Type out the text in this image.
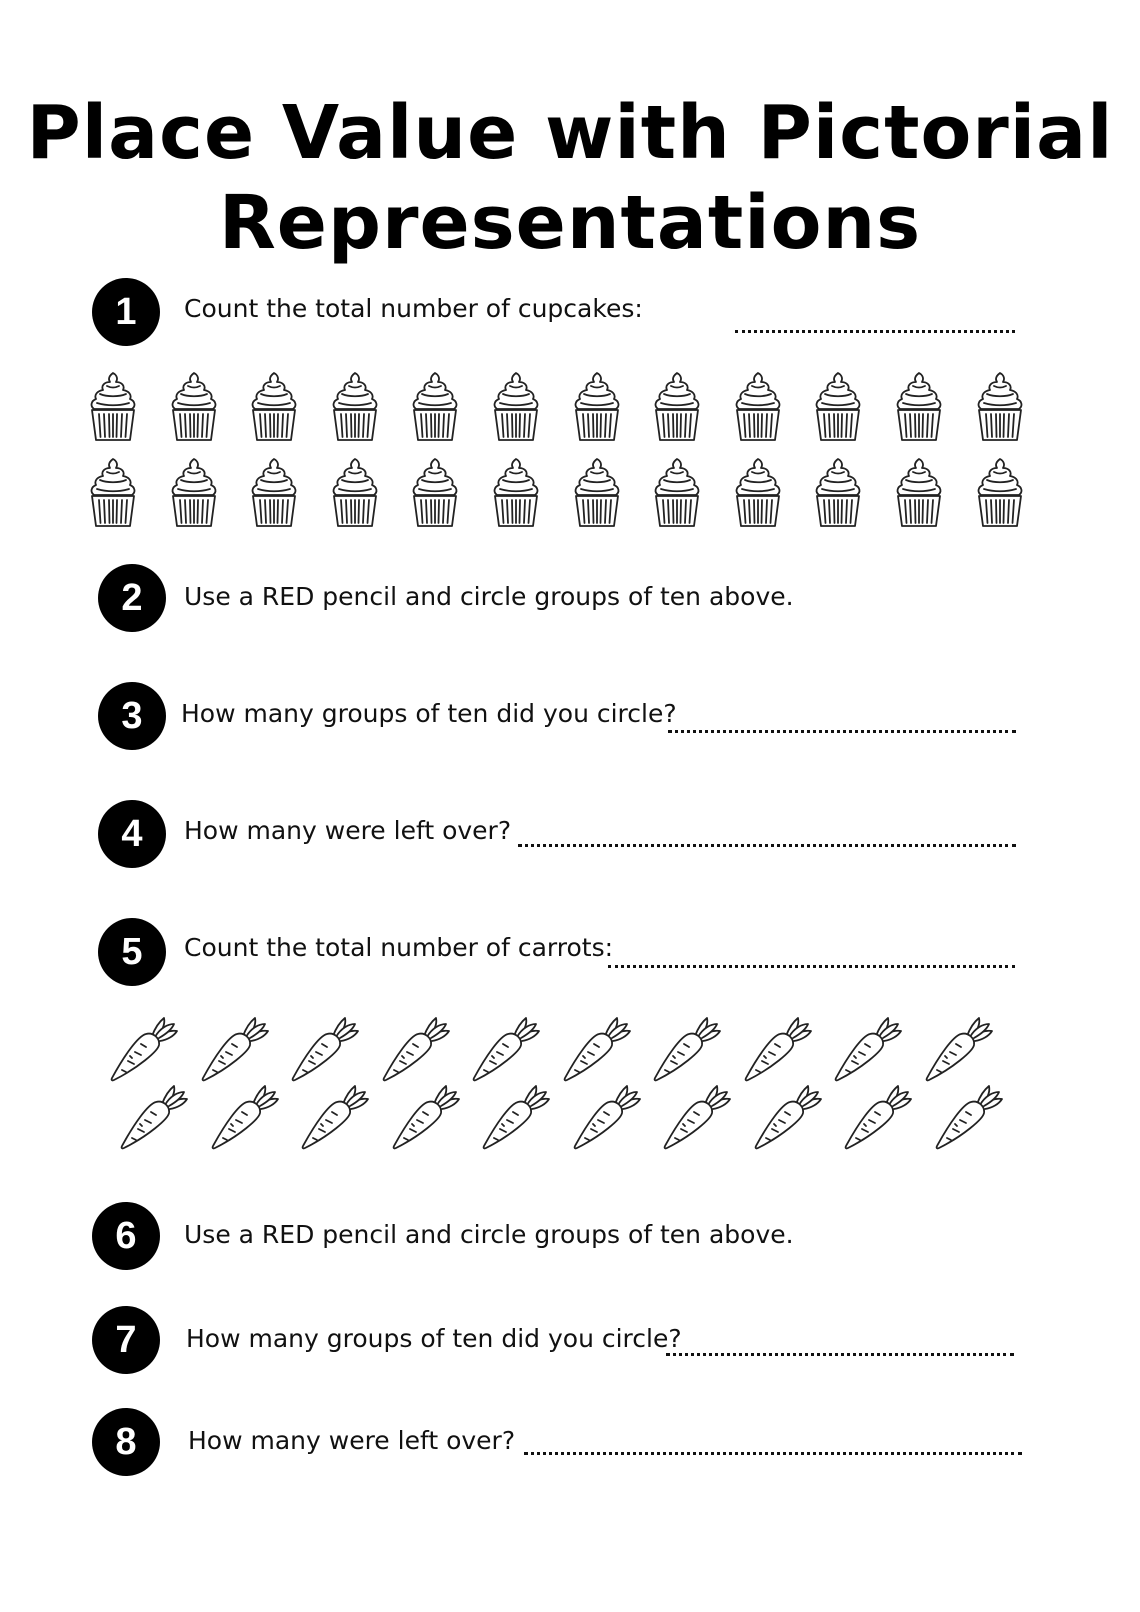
Place Value with Pictorial
Representations
1	Count the total number of cupcakes:
2	Use a RED pencil and circle groups of ten above.
3	How many groups of ten did you circle?
4	How many were left over?
5	Count the total number of carrots:
6	Use a RED pencil and circle groups of ten above.
7	How many groups of ten did you circle?
8	How many were left over?
